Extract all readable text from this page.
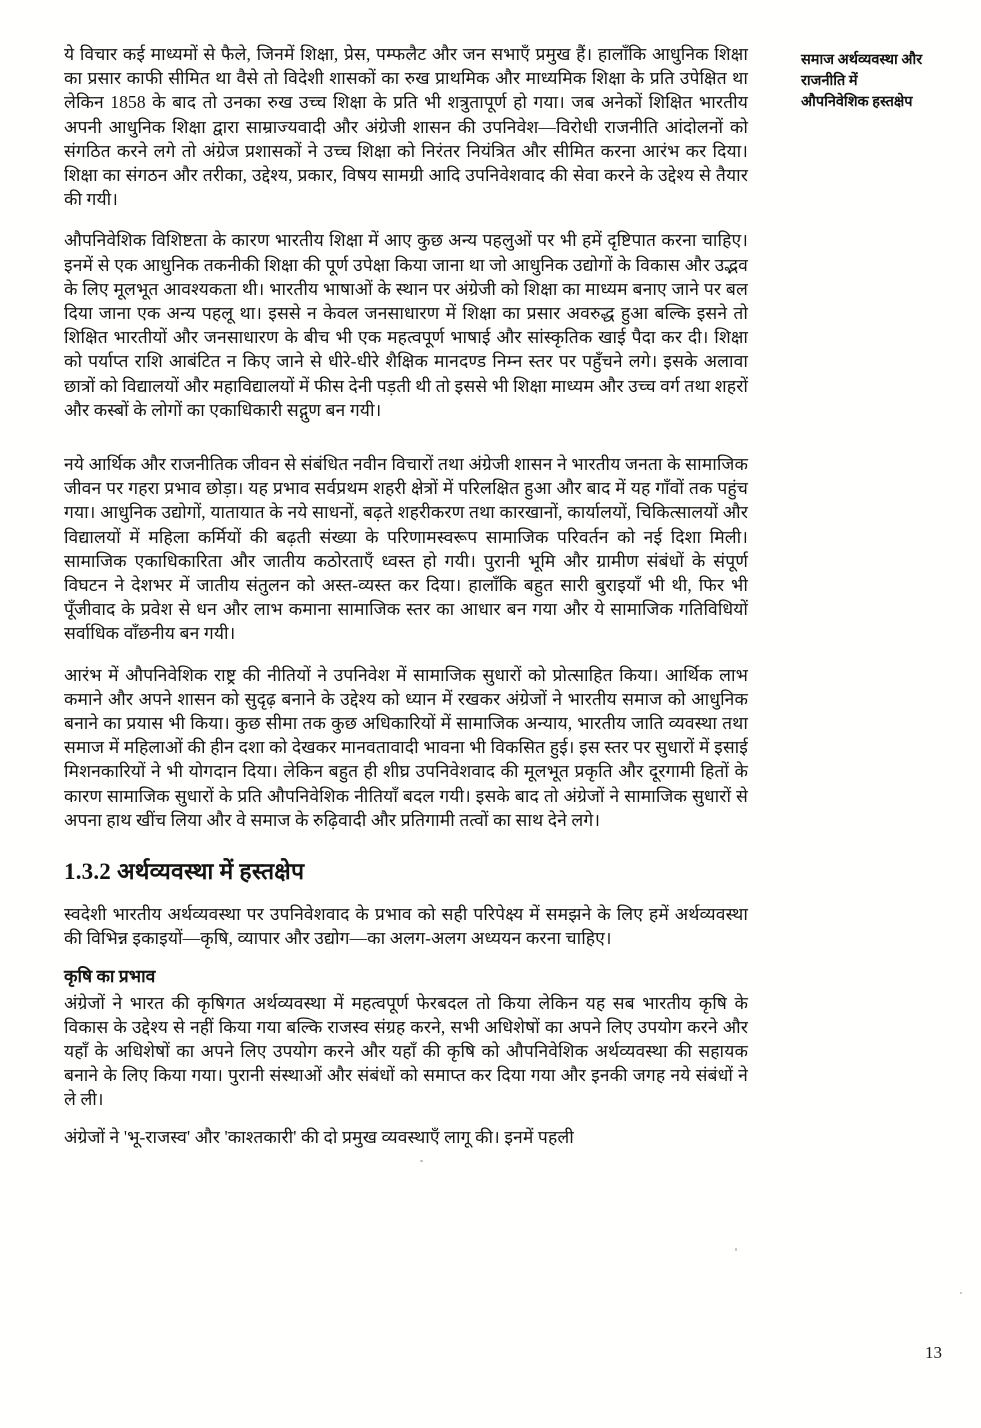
ये विचार कई माध्यमों से फैले, जिनमें शिक्षा, प्रेस, पम्फलैट और जन सभाएँ प्रमुख हैं। हालाँकि आधुनिक शिक्षा का प्रसार काफी सीमित था वैसे तो विदेशी शासकों का रुख प्राथमिक और माध्यमिक शिक्षा के प्रति उपेक्षित था लेकिन 1858 के बाद तो उनका रुख उच्च शिक्षा के प्रति भी शत्रुतापूर्ण हो गया। जब अनेकों शिक्षित भारतीय अपनी आधुनिक शिक्षा द्वारा साम्राज्यवादी और अंग्रेजी शासन की उपनिवेश—विरोधी राजनीति आंदोलनों को संगठित करने लगे तो अंग्रेज प्रशासकों ने उच्च शिक्षा को निरंतर नियंत्रित और सीमित करना आरंभ कर दिया। शिक्षा का संगठन और तरीका, उद्देश्य, प्रकार, विषय सामग्री आदि उपनिवेशवाद की सेवा करने के उद्देश्य से तैयार की गयी।

औपनिवेशिक विशिष्टता के कारण भारतीय शिक्षा में आए कुछ अन्य पहलुओं पर भी हमें दृष्टिपात करना चाहिए। इनमें से एक आधुनिक तकनीकी शिक्षा की पूर्ण उपेक्षा किया जाना था जो आधुनिक उद्योगों के विकास और उद्भव के लिए मूलभूत आवश्यकता थी। भारतीय भाषाओं के स्थान पर अंग्रेजी को शिक्षा का माध्यम बनाए जाने पर बल दिया जाना एक अन्य पहलू था। इससे न केवल जनसाधारण में शिक्षा का प्रसार अवरुद्ध हुआ बल्कि इसने तो शिक्षित भारतीयों और जनसाधारण के बीच भी एक महत्वपूर्ण भाषाई और सांस्कृतिक खाई पैदा कर दी। शिक्षा को पर्याप्त राशि आबंटित न किए जाने से धीरे-धीरे शैक्षिक मानदण्ड निम्न स्तर पर पहुँचने लगे। इसके अलावा छात्रों को विद्यालयों और महाविद्यालयों में फीस देनी पड़ती थी तो इससे भी शिक्षा माध्यम और उच्च वर्ग तथा शहरों और कस्बों के लोगों का एकाधिकारी सद्गुण बन गयी।

नये आर्थिक और राजनीतिक जीवन से संबंधित नवीन विचारों तथा अंग्रेजी शासन ने भारतीय जनता के सामाजिक जीवन पर गहरा प्रभाव छोड़ा। यह प्रभाव सर्वप्रथम शहरी क्षेत्रों में परिलक्षित हुआ और बाद में यह गाँवों तक पहुंच गया। आधुनिक उद्योगों, यातायात के नये साधनों, बढ़ते शहरीकरण तथा कारखानों, कार्यालयों, चिकित्सालयों और विद्यालयों में महिला कर्मियों की बढ़ती संख्या के परिणामस्वरूप सामाजिक परिवर्तन को नई दिशा मिली। सामाजिक एकाधिकारिता और जातीय कठोरताएँ ध्वस्त हो गयी। पुरानी भूमि और ग्रामीण संबंधों के संपूर्ण विघटन ने देशभर में जातीय संतुलन को अस्त-व्यस्त कर दिया। हालाँकि बहुत सारी बुराइयाँ भी थी, फिर भी पूँजीवाद के प्रवेश से धन और लाभ कमाना सामाजिक स्तर का आधार बन गया और ये सामाजिक गतिविधियों सर्वाधिक वाँछनीय बन गयी।

आरंभ में औपनिवेशिक राष्ट्र की नीतियों ने उपनिवेश में सामाजिक सुधारों को प्रोत्साहित किया। आर्थिक लाभ कमाने और अपने शासन को सुदृढ़ बनाने के उद्देश्य को ध्यान में रखकर अंग्रेजों ने भारतीय समाज को आधुनिक बनाने का प्रयास भी किया। कुछ सीमा तक कुछ अधिकारियों में सामाजिक अन्याय, भारतीय जाति व्यवस्था तथा समाज में महिलाओं की हीन दशा को देखकर मानवतावादी भावना भी विकसित हुई। इस स्तर पर सुधारों में इसाई मिशनकारियों ने भी योगदान दिया। लेकिन बहुत ही शीघ्र उपनिवेशवाद की मूलभूत प्रकृति और दूरगामी हितों के कारण सामाजिक सुधारों के प्रति औपनिवेशिक नीतियाँ बदल गयी। इसके बाद तो अंग्रेजों ने सामाजिक सुधारों से अपना हाथ खींच लिया और वे समाज के रुढ़िवादी और प्रतिगामी तत्वों का साथ देने लगे।

1.3.2 अर्थव्यवस्था में हस्तक्षेप

स्वदेशी भारतीय अर्थव्यवस्था पर उपनिवेशवाद के प्रभाव को सही परिपेक्ष्य में समझने के लिए हमें अर्थव्यवस्था की विभिन्न इकाइयों—कृषि, व्यापार और उद्योग—का अलग-अलग अध्ययन करना चाहिए।

कृषि का प्रभाव

अंग्रेजों ने भारत की कृषिगत अर्थव्यवस्था में महत्वपूर्ण फेरबदल तो किया लेकिन यह सब भारतीय कृषि के विकास के उद्देश्य से नहीं किया गया बल्कि राजस्व संग्रह करने, सभी अधिशेषों का अपने लिए उपयोग करने और यहाँ के अधिशेषों का अपने लिए उपयोग करने और यहाँ की कृषि को औपनिवेशिक अर्थव्यवस्था की सहायक बनाने के लिए किया गया। पुरानी संस्थाओं और संबंधों को समाप्त कर दिया गया और इनकी जगह नये संबंधों ने ले ली।

अंग्रेजों ने 'भू-राजस्व' और 'काश्तकारी' की दो प्रमुख व्यवस्थाएँ लागू की। इनमें पहली

समाज अर्थव्यवस्था और
राजनीति में
औपनिवेशिक हस्तक्षेप
13
